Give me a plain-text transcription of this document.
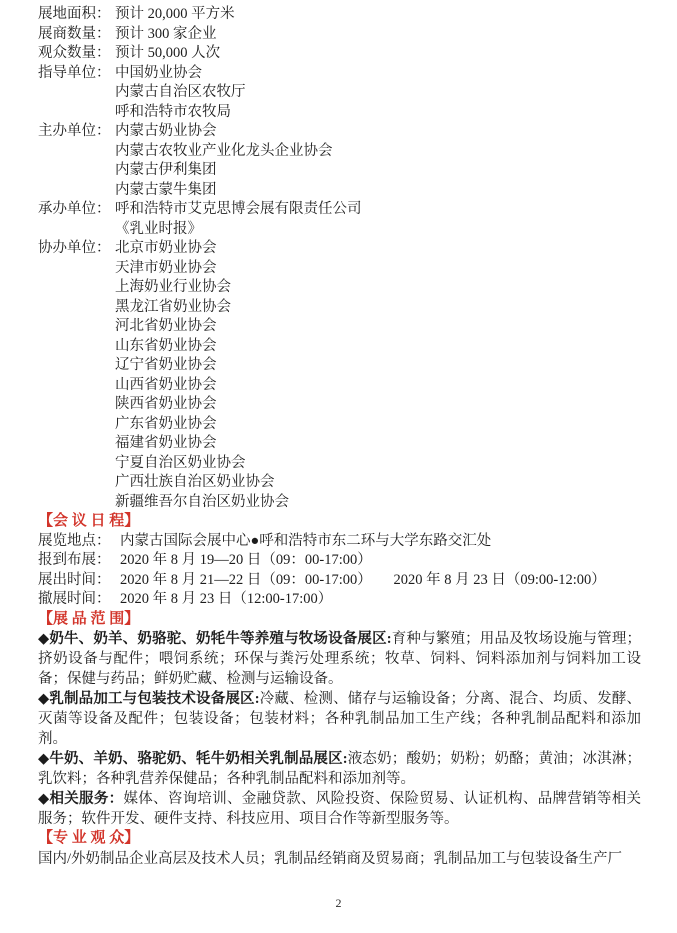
展地面积： 预计 20,000 平方米
展商数量： 预计 300 家企业
观众数量： 预计 50,000 人次
指导单位： 中国奶业协会
内蒙古自治区农牧厅
呼和浩特市农牧局
主办单位： 内蒙古奶业协会
内蒙古农牧业产业化龙头企业协会
内蒙古伊利集团
内蒙古蒙牛集团
承办单位： 呼和浩特市艾克思博会展有限责任公司
《乳业时报》
协办单位： 北京市奶业协会
天津市奶业协会
上海奶业行业协会
黑龙江省奶业协会
河北省奶业协会
山东省奶业协会
辽宁省奶业协会
山西省奶业协会
陕西省奶业协会
广东省奶业协会
福建省奶业协会
宁夏自治区奶业协会
广西壮族自治区奶业协会
新疆维吾尔自治区奶业协会
【会 议 日 程】
展览地点： 内蒙古国际会展中心●呼和浩特市东二环与大学东路交汇处
报到布展： 2020 年 8 月 19—20 日（09：00-17:00）
展出时间： 2020 年 8 月 21—22 日（09：00-17:00）　　2020 年 8 月 23 日（09:00-12:00）
撤展时间： 2020 年 8 月 23 日（12:00-17:00）
【展 品 范 围】

◆奶牛、奶羊、奶骆驼、奶牦牛等养殖与牧场设备展区:育种与繁殖；用品及牧场设施与管理；挤奶设备与配件；喂饲系统；环保与粪污处理系统；牧草、饲料、饲料添加剂与饲料加工设备；保健与药品；鲜奶贮藏、检测与运输设备。

◆乳制品加工与包装技术设备展区:冷藏、检测、储存与运输设备；分离、混合、均质、发酵、灭菌等设备及配件；包装设备；包装材料；各种乳制品加工生产线；各种乳制品配料和添加剂。

◆牛奶、羊奶、骆驼奶、牦牛奶相关乳制品展区:液态奶；酸奶；奶粉；奶酪；黄油；冰淇淋；乳饮料；各种乳营养保健品；各种乳制品配料和添加剂等。

◆相关服务：媒体、咨询培训、金融贷款、风险投资、保险贸易、认证机构、品牌营销等相关服务；软件开发、硬件支持、科技应用、项目合作等新型服务等。

【专 业 观 众】

国内/外奶制品企业高层及技术人员；乳制品经销商及贸易商；乳制品加工与包装设备生产厂

2
